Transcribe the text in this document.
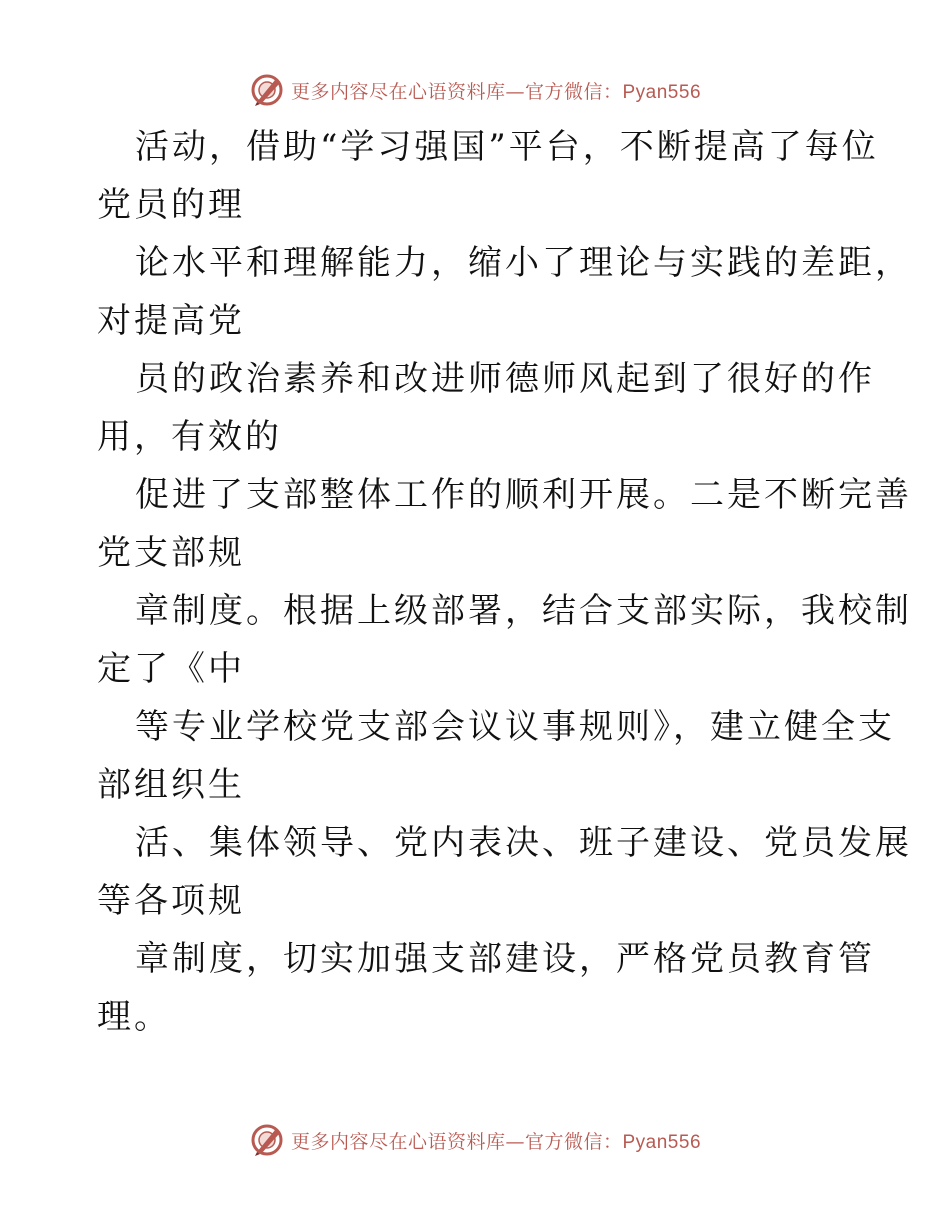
更多内容尽在心语资料库—官方微信：Pyan556
活动，借助“学习强国”平台，不断提高了每位
党员的理
论水平和理解能力，缩小了理论与实践的差距，
对提高党
员的政治素养和改进师德师风起到了很好的作
用，有效的
促进了支部整体工作的顺利开展。二是不断完善
党支部规
章制度。根据上级部署，结合支部实际，我校制
定了《中
等专业学校党支部会议议事规则》，建立健全支
部组织生
活、集体领导、党内表决、班子建设、党员发展
等各项规
章制度，切实加强支部建设，严格党员教育管
理。
更多内容尽在心语资料库—官方微信：Pyan556
